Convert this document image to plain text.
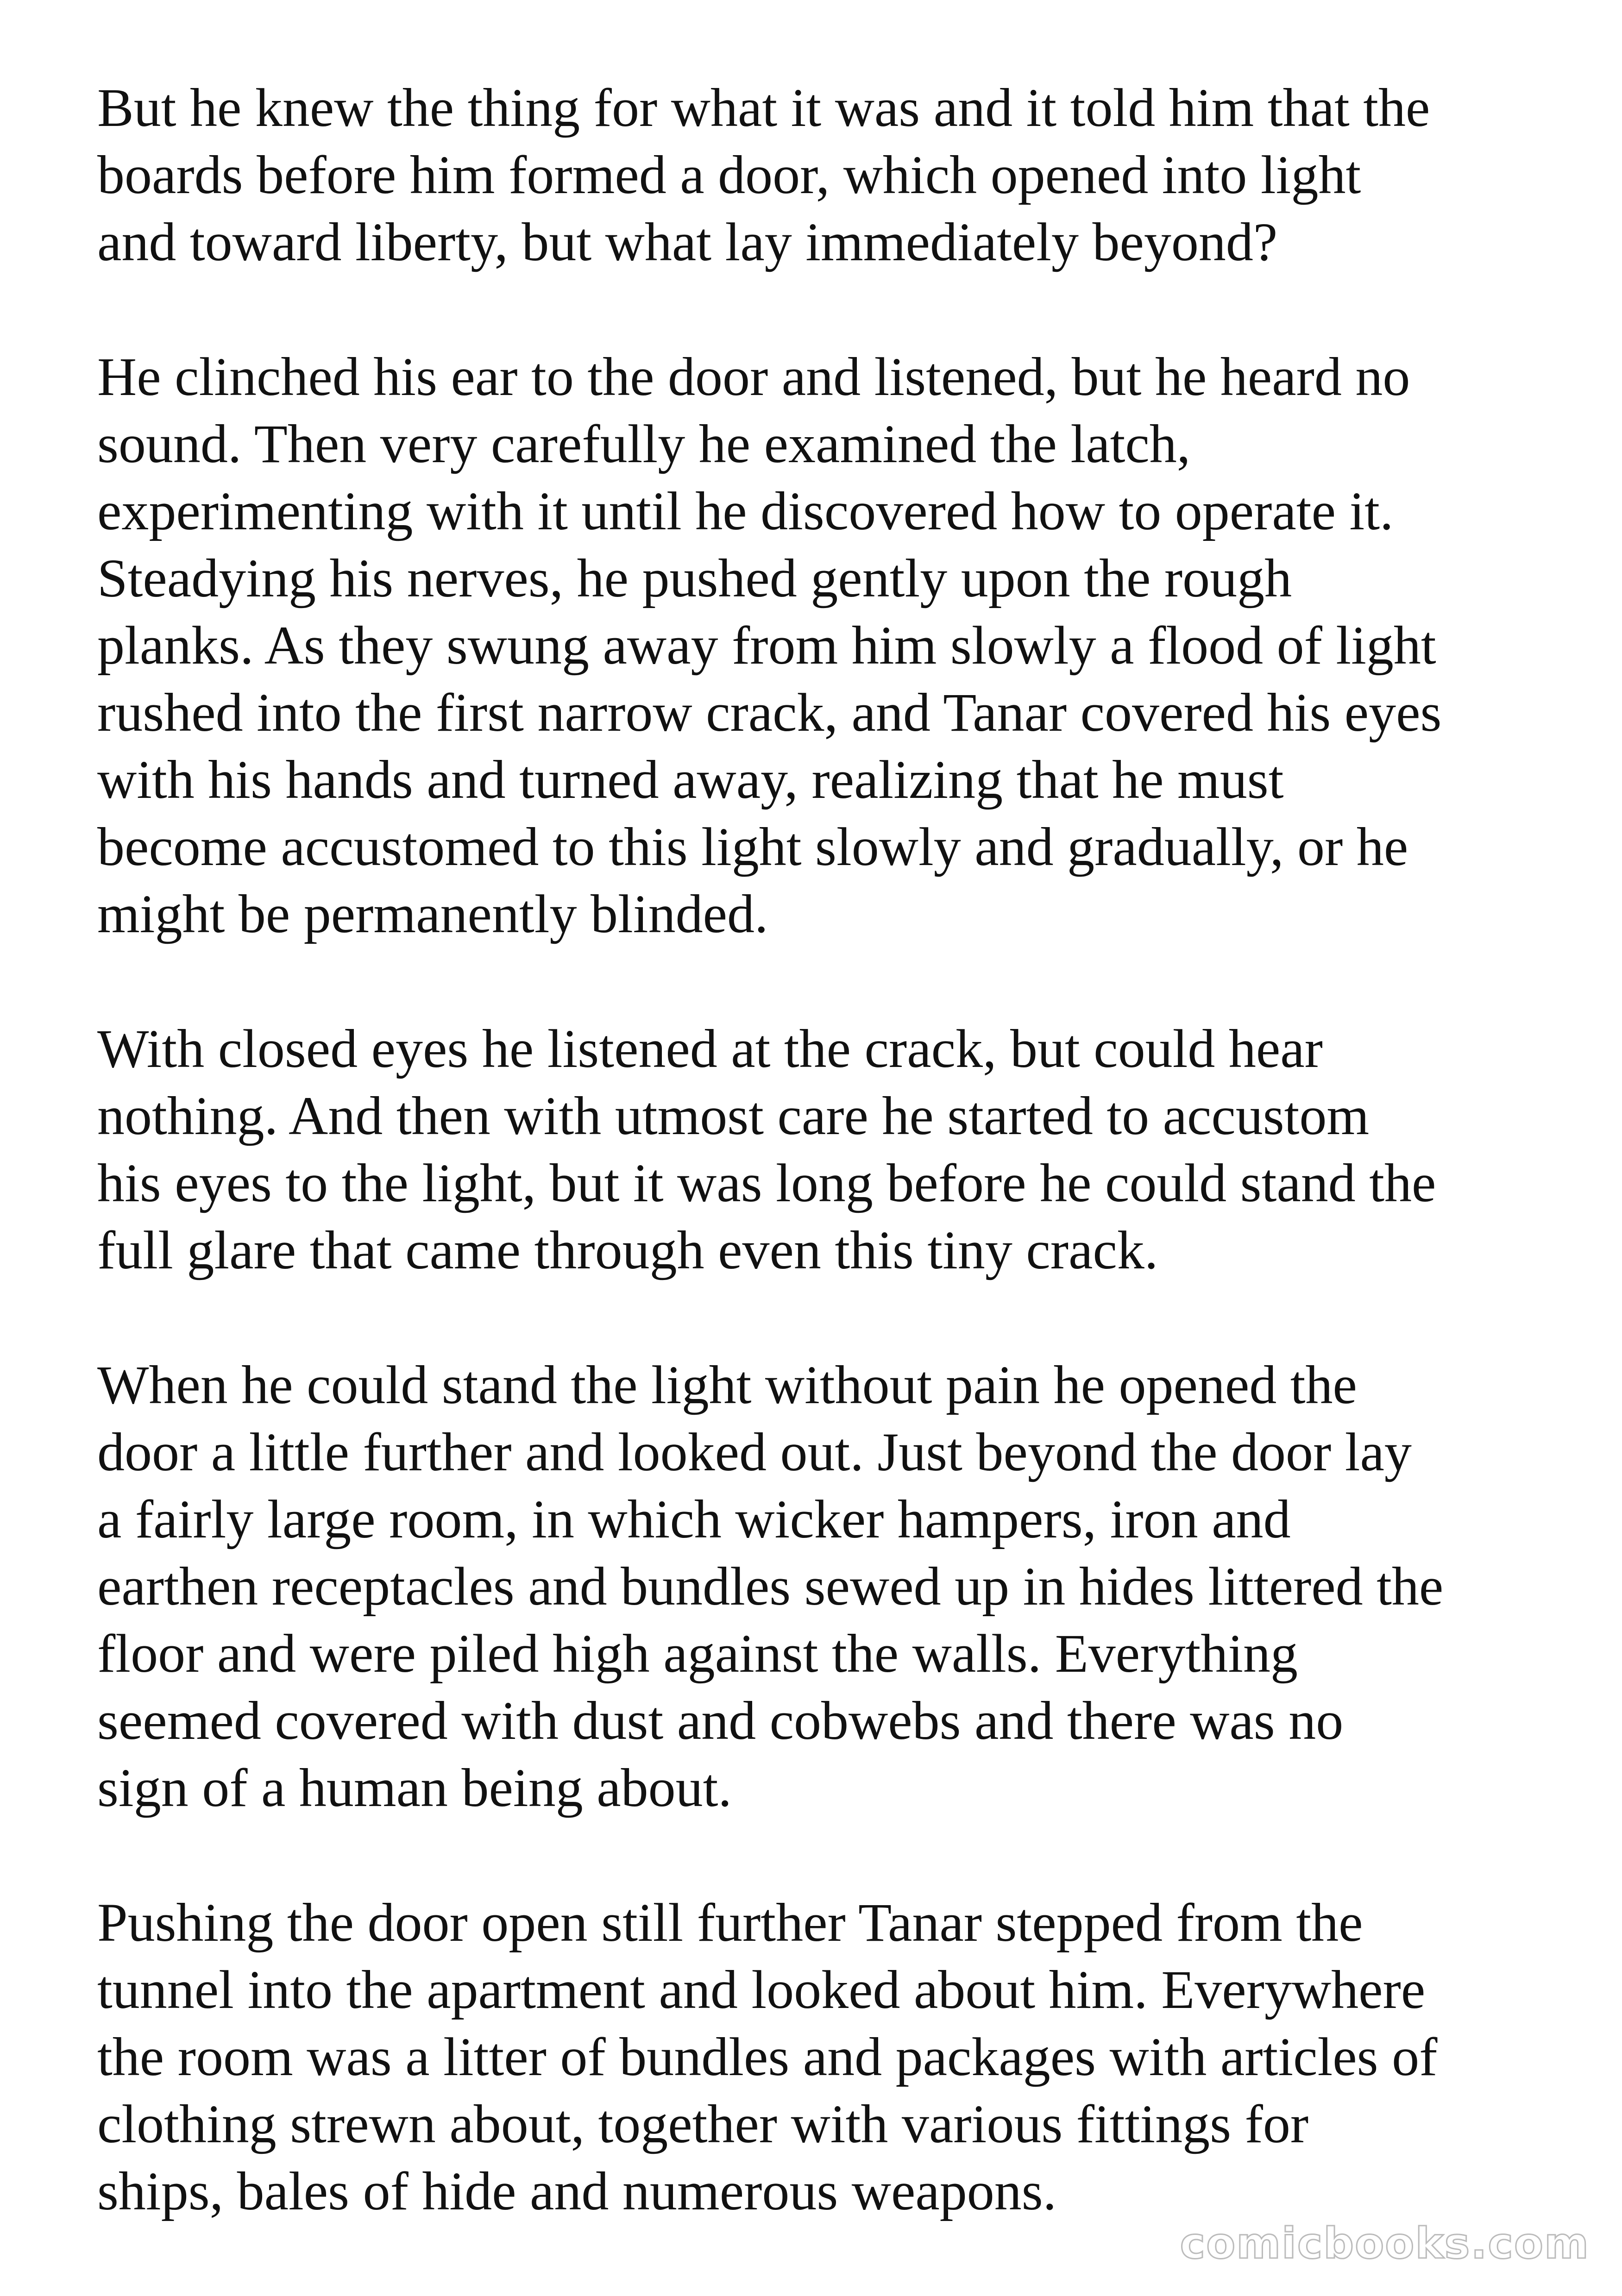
But he knew the thing for what it was and it told him that the
boards before him formed a door, which opened into light
and toward liberty, but what lay immediately beyond?

He clinched his ear to the door and listened, but he heard no
sound. Then very carefully he examined the latch,
experimenting with it until he discovered how to operate it.
Steadying his nerves, he pushed gently upon the rough
planks. As they swung away from him slowly a flood of light
rushed into the first narrow crack, and Tanar covered his eyes
with his hands and turned away, realizing that he must
become accustomed to this light slowly and gradually, or he
might be permanently blinded.

With closed eyes he listened at the crack, but could hear
nothing. And then with utmost care he started to accustom
his eyes to the light, but it was long before he could stand the
full glare that came through even this tiny crack.

When he could stand the light without pain he opened the
door a little further and looked out. Just beyond the door lay
a fairly large room, in which wicker hampers, iron and
earthen receptacles and bundles sewed up in hides littered the
floor and were piled high against the walls. Everything
seemed covered with dust and cobwebs and there was no
sign of a human being about.

Pushing the door open still further Tanar stepped from the
tunnel into the apartment and looked about him. Everywhere
the room was a litter of bundles and packages with articles of
clothing strewn about, together with various fittings for
ships, bales of hide and numerous weapons.

comicbooks.com
